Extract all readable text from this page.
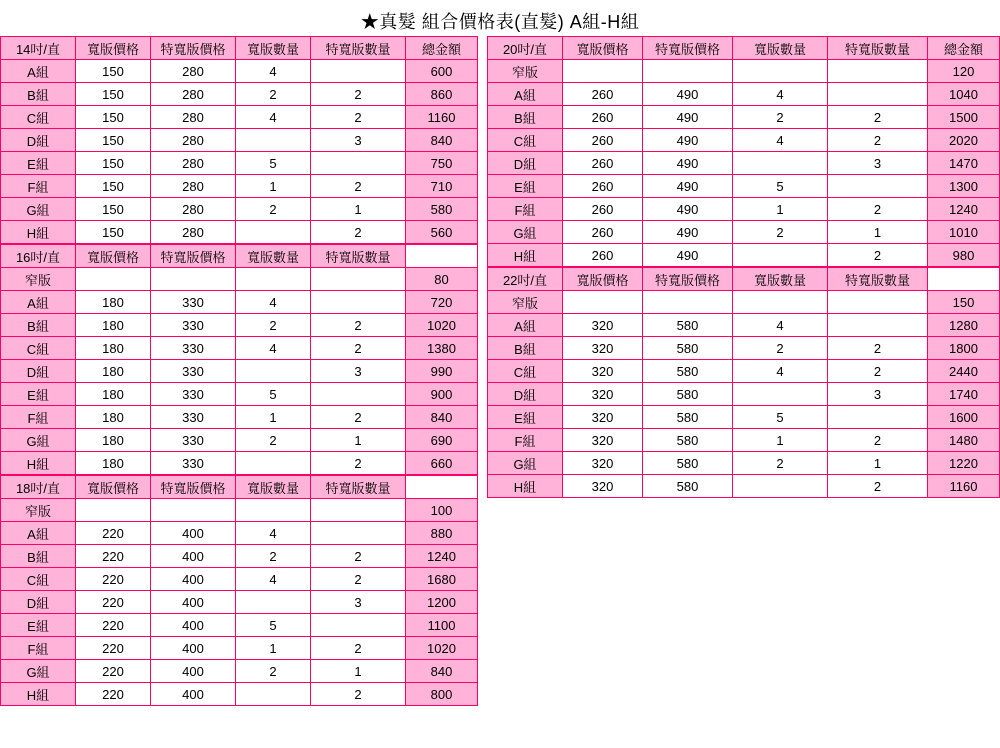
★真髮 組合價格表(直髮) A組-H組
14吋/直	寬版價格	特寬版價格	寬版數量	特寬版數量	總金額
A組	150	280	4		600
B組	150	280	2	2	860
C組	150	280	4	2	1160
D組	150	280		3	840
E組	150	280	5		750
F組	150	280	1	2	710
G組	150	280	2	1	580
H組	150	280		2	560
16吋/直	寬版價格	特寬版價格	寬版數量	特寬版數量	
窄版					80
A組	180	330	4		720
B組	180	330	2	2	1020
C組	180	330	4	2	1380
D組	180	330		3	990
E組	180	330	5		900
F組	180	330	1	2	840
G組	180	330	2	1	690
H組	180	330		2	660
18吋/直	寬版價格	特寬版價格	寬版數量	特寬版數量	
窄版					100
A組	220	400	4		880
B組	220	400	2	2	1240
C組	220	400	4	2	1680
D組	220	400		3	1200
E組	220	400	5		1100
F組	220	400	1	2	1020
G組	220	400	2	1	840
H組	220	400		2	800
20吋/直	寬版價格	特寬版價格	寬版數量	特寬版數量	總金額
窄版					120
A組	260	490	4		1040
B組	260	490	2	2	1500
C組	260	490	4	2	2020
D組	260	490		3	1470
E組	260	490	5		1300
F組	260	490	1	2	1240
G組	260	490	2	1	1010
H組	260	490		2	980
22吋/直	寬版價格	特寬版價格	寬版數量	特寬版數量	
窄版					150
A組	320	580	4		1280
B組	320	580	2	2	1800
C組	320	580	4	2	2440
D組	320	580		3	1740
E組	320	580	5		1600
F組	320	580	1	2	1480
G組	320	580	2	1	1220
H組	320	580		2	1160
